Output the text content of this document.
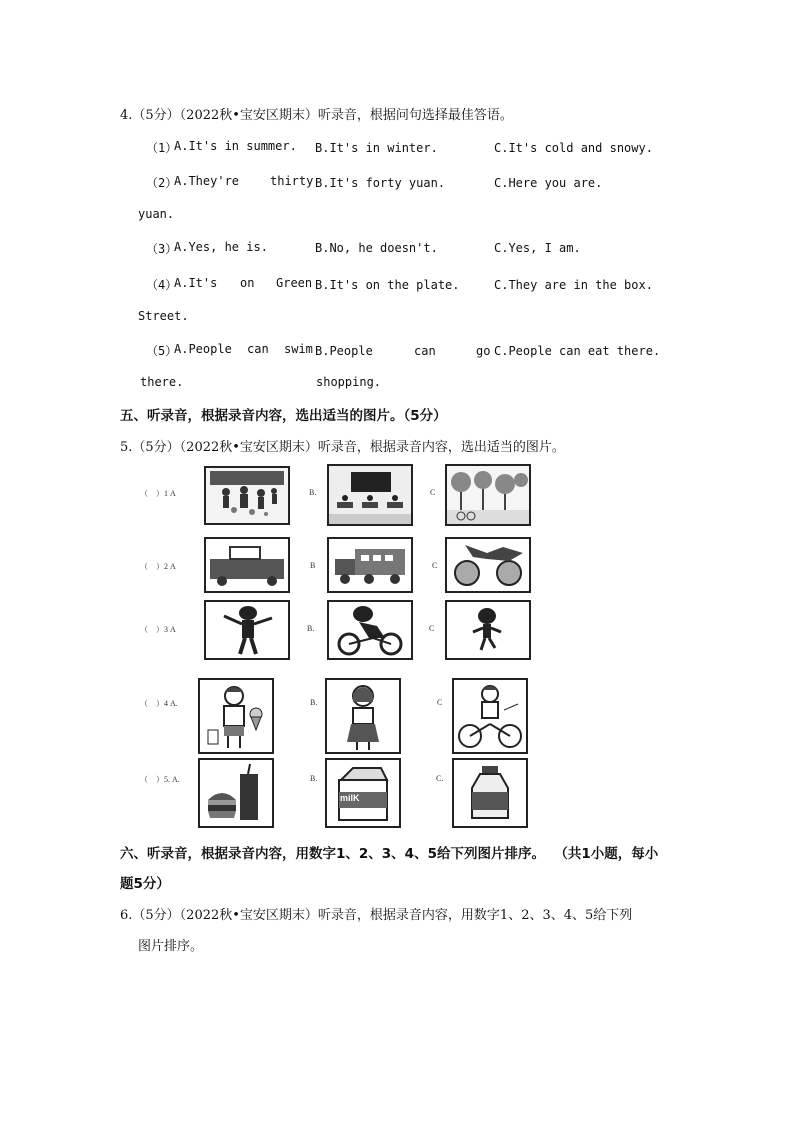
4.（5分）（2022秋•宝安区期末）听录音，根据问句选择最佳答语。
（1）
A.It's in summer. B.It's in winter.	C.It's cold and snowy.
（2）
A.They're	thirty
yuan.
B.It's forty yuan.	C.Here you are.
（3）
A.Yes, he is.	B.No, he doesn't.	C.Yes, I am.
（4）
A.It's on Green
Street.
B.It's on the plate.	C.They are in the box.
（5）
A.People can swim
there.
B.People	can	go
shopping.
C.People can eat there.
五、听录音，根据录音内容，选出适当的图片。（5分）
5.（5分）（2022秋•宝安区期末）听录音，根据录音内容，选出适当的图片。
（    ）1 A	B.	C
（    ）2 A	B	C
（    ）3 A	B.	C
（    ）4 A.	B.	C
（    ）5. A.	B.
milK
C.
六、听录音，根据录音内容，用数字1、2、3、4、5给下列图片排序。  （共1小题，每小
题5分）
6.（5分）（2022秋•宝安区期末）听录音，根据录音内容，用数字1、2、3、4、5给下列
图片排序。
